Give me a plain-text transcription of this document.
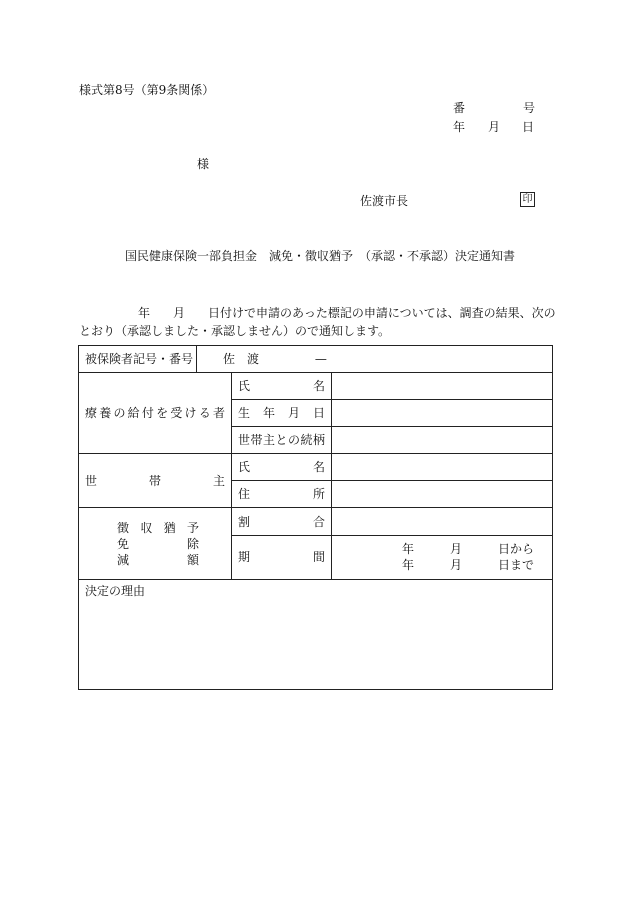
様式第8号（第9条関係）
番	号
年 月 日
様
佐渡市長	印
国民健康保険一部負担金　減免・徴収猶予　（承認・不承認）決定通知書
年 月 日付けで申請のあった標記の申請については、調査の結果、次の
とおり（承認しました・承認しません）ので通知します。
被保険者記号・番号	佐　渡 —		
療養の給付を受ける者		氏名	
		生年月日	
		世帯主との続柄	
世帯主		氏名	
		住所	

徴収猶予
免除
減額		割合	
		期間	年　　　月　　　日から
年　　　月　　　日まで

決定の理由			
